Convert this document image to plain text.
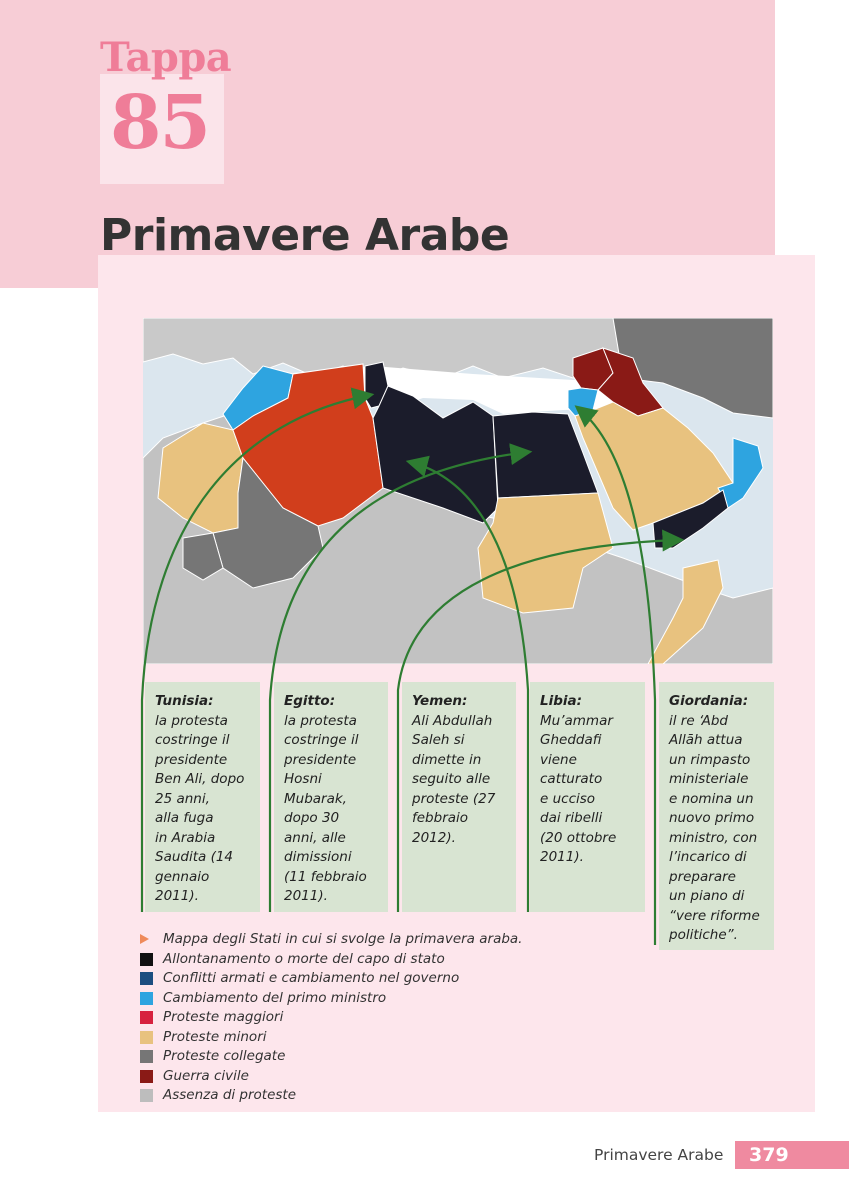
Tappa
85
Primavere Arabe
Tunisia:
la protesta
costringe il
presidente
Ben Ali, dopo
25 anni,
alla fuga
in Arabia
Saudita (14
gennaio
2011).
Egitto:
la protesta
costringe il
presidente
Hosni
Mubarak,
dopo 30
anni, alle
dimissioni
(11 febbraio
2011).
Yemen:
Ali Abdullah
Saleh si
dimette in
seguito alle
proteste (27
febbraio
2012).
Libia:
Mu’ammar
Gheddafi
viene
catturato
e ucciso
dai ribelli
(20 ottobre
2011).
Giordania:
il re ‘Abd
Allāh attua
un rimpasto
ministeriale
e nomina un
nuovo primo
ministro, con
l’incarico di
preparare
un piano di
“vere riforme
politiche”.
Mappa degli Stati in cui si svolge la primavera araba.
Allontanamento o morte del capo di stato
Conflitti armati e cambiamento nel governo
Cambiamento del primo ministro
Proteste maggiori
Proteste minori
Proteste collegate
Guerra civile
Assenza di proteste
Primavere Arabe	379
